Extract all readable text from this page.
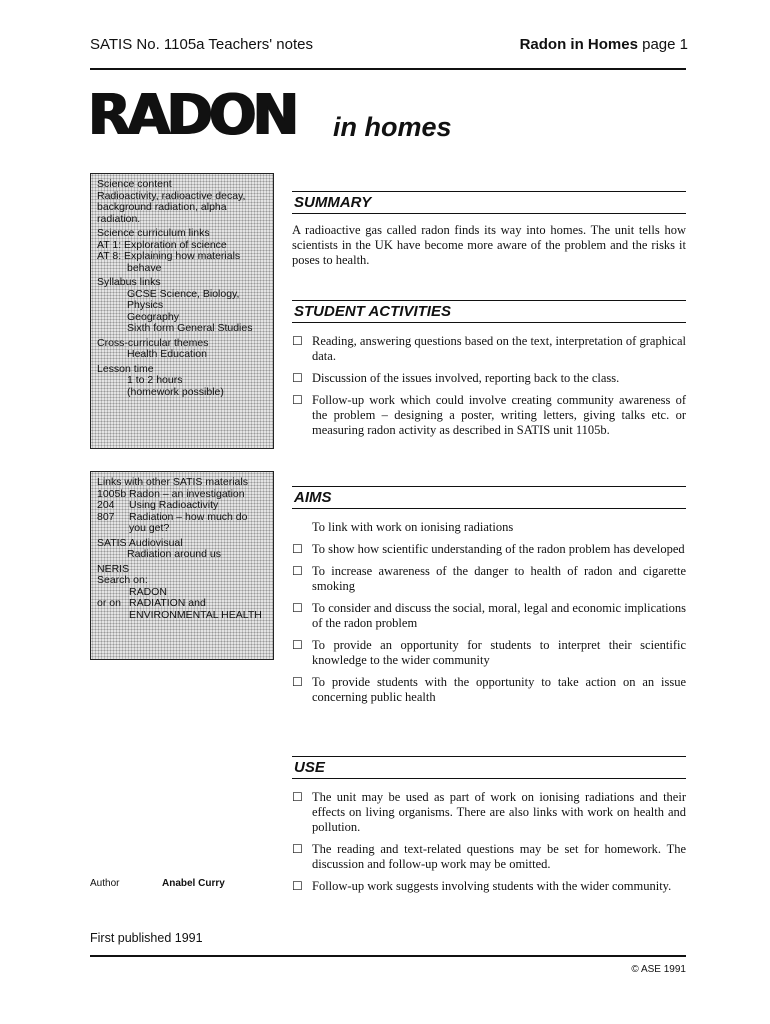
SATIS No. 1105a Teachers' notes	Radon in Homes page 1
RADON	in homes
Science content
Radioactivity, radioactive decay, background radiation, alpha radiation.
Science curriculum links
AT 1: Exploration of science
AT 8: Explaining how materials
behave
Syllabus links
GCSE Science, Biology,
Physics
Geography
Sixth form General Studies
Cross-curricular themes
Health Education
Lesson time
1 to 2 hours
(homework possible)
Links with other SATIS materials
1005b Radon – an investigation
204	Using Radioactivity
807	Radiation – how much do you get?
SATIS Audiovisual
Radiation around us
NERIS
Search on:
RADON
or on RADIATION and
ENVIRONMENTAL HEALTH
SUMMARY
A radioactive gas called radon finds its way into homes. The unit tells how scientists in the UK have become more aware of the problem and the risks it poses to health.
STUDENT ACTIVITIES
☐ Reading, answering questions based on the text, interpretation of graphical data.
☐ Discussion of the issues involved, reporting back to the class.
☐ Follow-up work which could involve creating community awareness of the problem – designing a poster, writing letters, giving talks etc. or measuring radon activity as described in SATIS unit 1105b.
AIMS
To link with work on ionising radiations
☐ To show how scientific understanding of the radon problem has developed
☐ To increase awareness of the danger to health of radon and cigarette smoking
☐ To consider and discuss the social, moral, legal and economic implications of the radon problem
☐ To provide an opportunity for students to interpret their scientific knowledge to the wider community
☐ To provide students with the opportunity to take action on an issue concerning public health
USE
☐ The unit may be used as part of work on ionising radiations and their effects on living organisms. There are also links with work on health and pollution.
☐ The reading and text-related questions may be set for homework. The discussion and follow-up work may be omitted.
☐ Follow-up work suggests involving students with the wider community.
Author	Anabel Curry
First published 1991
© ASE 1991
